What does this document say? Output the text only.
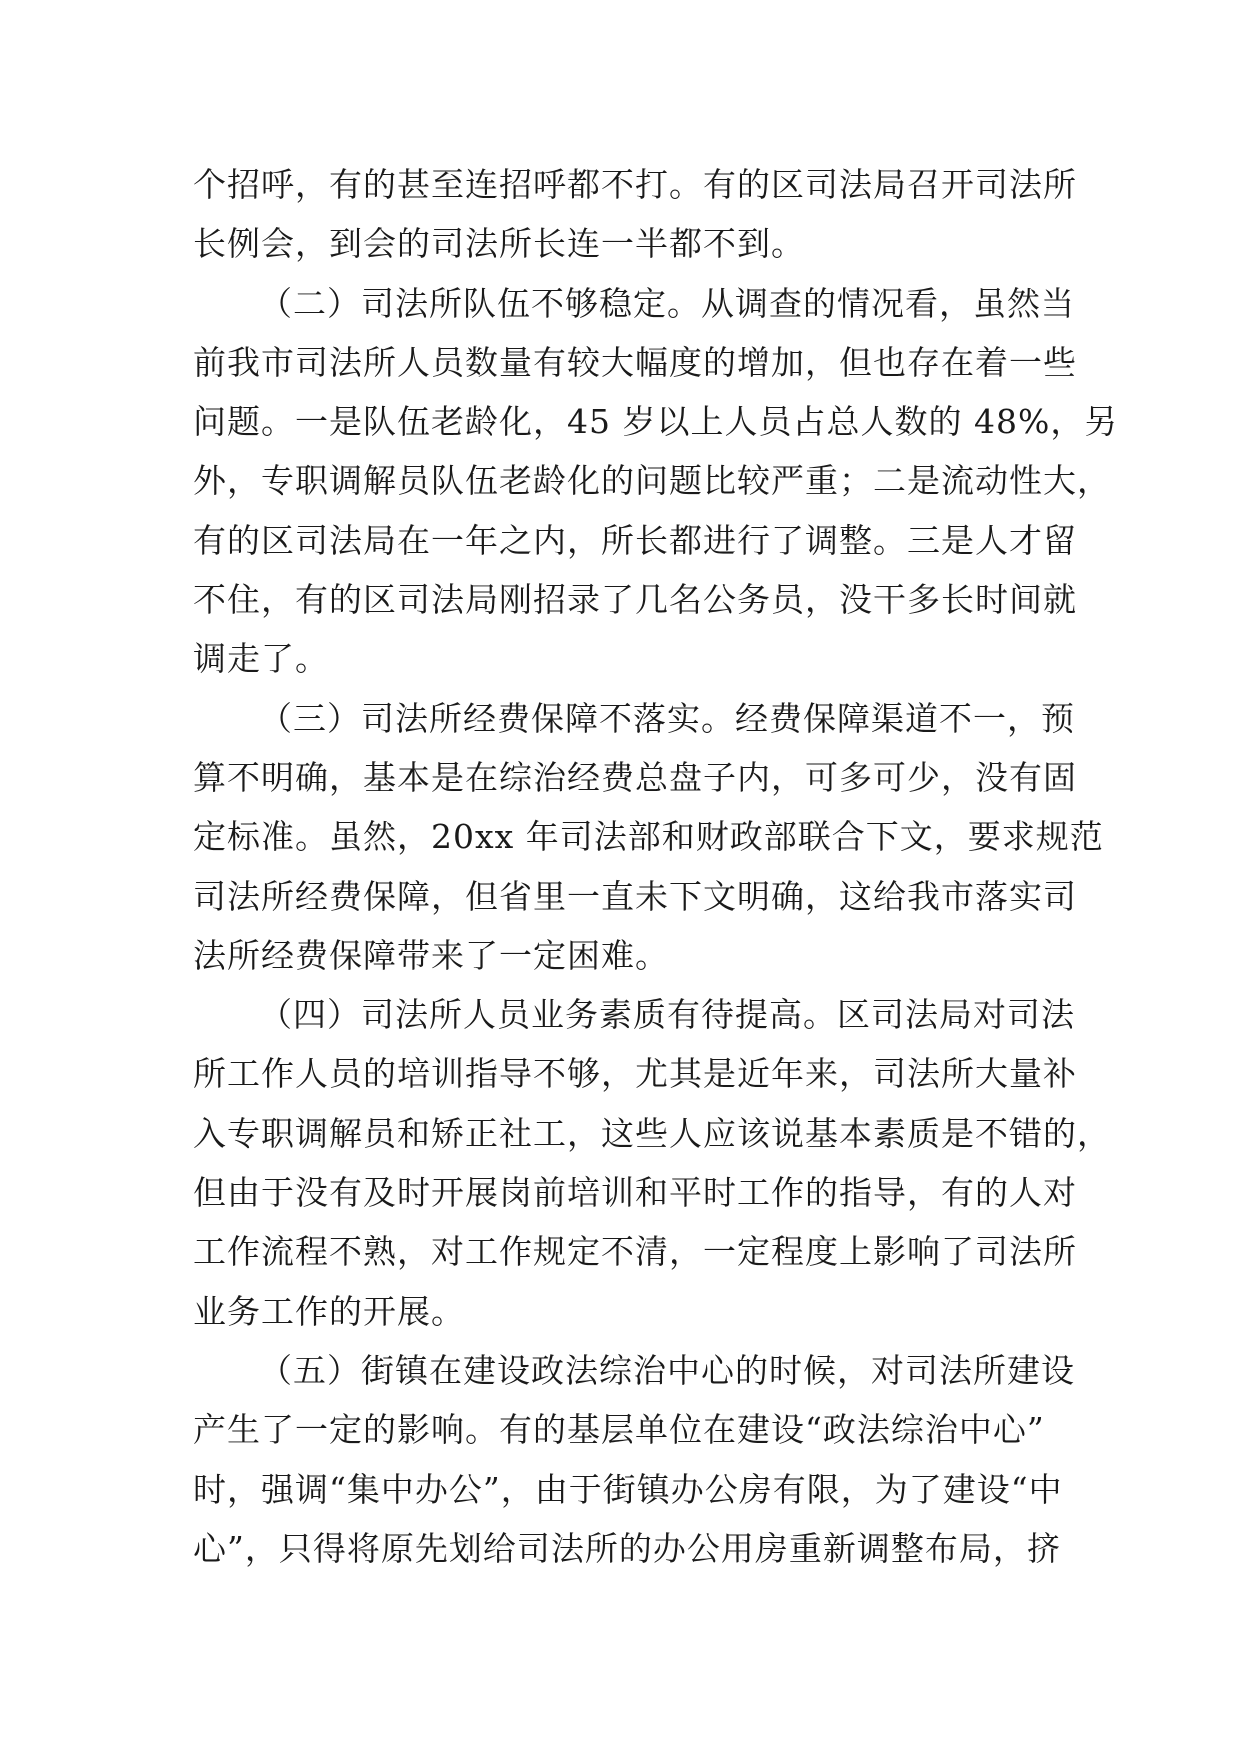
个招呼，有的甚至连招呼都不打。有的区司法局召开司法所
长例会，到会的司法所长连一半都不到。
（二）司法所队伍不够稳定。从调查的情况看，虽然当
前我市司法所人员数量有较大幅度的增加，但也存在着一些
问题。一是队伍老龄化，45 岁以上人员占总人数的 48%，另
外，专职调解员队伍老龄化的问题比较严重；二是流动性大，
有的区司法局在一年之内，所长都进行了调整。三是人才留
不住，有的区司法局刚招录了几名公务员，没干多长时间就
调走了。
（三）司法所经费保障不落实。经费保障渠道不一，预
算不明确，基本是在综治经费总盘子内，可多可少，没有固
定标准。虽然，20xx 年司法部和财政部联合下文，要求规范
司法所经费保障，但省里一直未下文明确，这给我市落实司
法所经费保障带来了一定困难。
（四）司法所人员业务素质有待提高。区司法局对司法
所工作人员的培训指导不够，尤其是近年来，司法所大量补
入专职调解员和矫正社工，这些人应该说基本素质是不错的，
但由于没有及时开展岗前培训和平时工作的指导，有的人对
工作流程不熟，对工作规定不清，一定程度上影响了司法所
业务工作的开展。
（五）街镇在建设政法综治中心的时候，对司法所建设
产生了一定的影响。有的基层单位在建设“政法综治中心”
时，强调“集中办公”，由于街镇办公房有限，为了建设“中
心”，只得将原先划给司法所的办公用房重新调整布局，挤
